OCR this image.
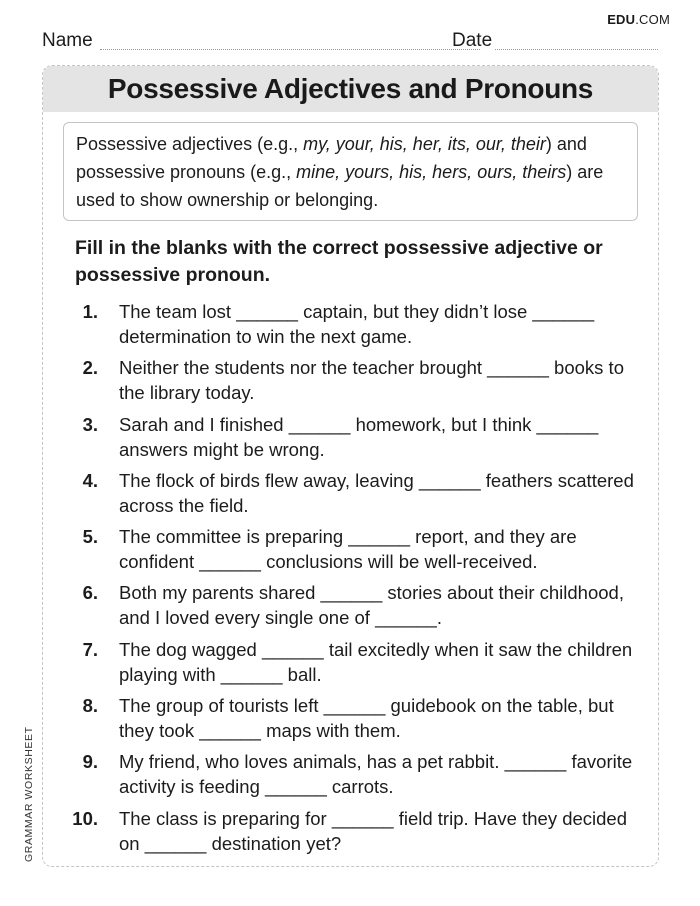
EDU.COM
Name	Date
Possessive Adjectives and Pronouns
Possessive adjectives (e.g., my, your, his, her, its, our, their) and possessive pronouns (e.g., mine, yours, his, hers, ours, theirs) are used to show ownership or belonging.
Fill in the blanks with the correct possessive adjective or possessive pronoun.
1. The team lost ______ captain, but they didn’t lose ______ determination to win the next game.
2. Neither the students nor the teacher brought ______ books to the library today.
3. Sarah and I finished ______ homework, but I think ______ answers might be wrong.
4. The flock of birds flew away, leaving ______ feathers scattered across the field.
5. The committee is preparing ______ report, and they are confident ______ conclusions will be well-received.
6. Both my parents shared ______ stories about their childhood, and I loved every single one of ______.
7. The dog wagged ______ tail excitedly when it saw the children playing with ______ ball.
8. The group of tourists left ______ guidebook on the table, but they took ______ maps with them.
9. My friend, who loves animals, has a pet rabbit. ______ favorite activity is feeding ______ carrots.
10. The class is preparing for ______ field trip. Have they decided on ______ destination yet?
GRAMMAR WORKSHEET
